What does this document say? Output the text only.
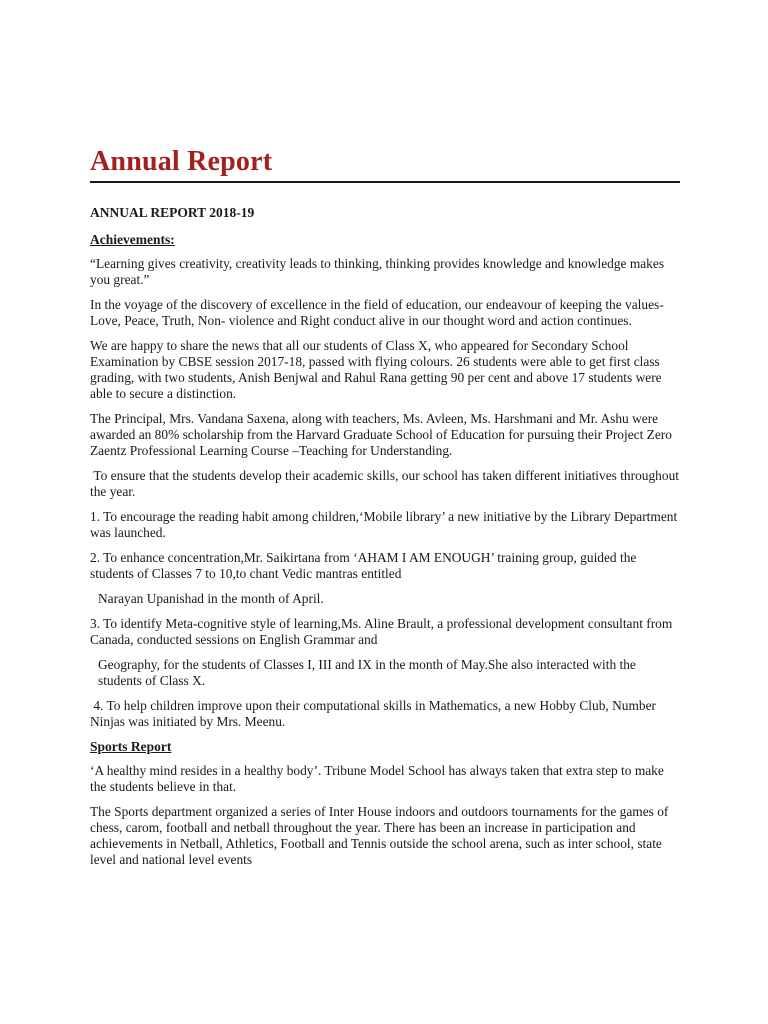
Annual Report
ANNUAL REPORT 2018-19
Achievements:

“Learning gives creativity, creativity leads to thinking, thinking provides knowledge and knowledge makes you great.”

In the voyage of the discovery of excellence in the field of education, our endeavour of keeping the values- Love, Peace, Truth, Non- violence and Right conduct alive in our thought word and action continues.

We are happy to share the news that all our students of Class X, who appeared for Secondary School Examination by CBSE session 2017-18, passed with flying colours. 26 students were able to get first class grading, with two students, Anish Benjwal and Rahul Rana getting 90 per cent and above 17 students were able to secure a distinction.

The Principal, Mrs. Vandana Saxena, along with teachers, Ms. Avleen, Ms. Harshmani and Mr. Ashu were awarded an 80% scholarship from the Harvard Graduate School of Education for pursuing their Project Zero Zaentz Professional Learning Course –Teaching for Understanding.

To ensure that the students develop their academic skills, our school has taken different initiatives throughout the year.

1. To encourage the reading habit among children,‘Mobile library’ a new initiative by the Library Department was launched.

2. To enhance concentration,Mr. Saikirtana from ‘AHAM I AM ENOUGH’ training group, guided the students of Classes 7 to 10,to chant Vedic mantras entitled

Narayan Upanishad in the month of April.

3. To identify Meta-cognitive style of learning,Ms. Aline Brault, a professional development consultant from Canada, conducted sessions on English Grammar and

Geography, for the students of Classes I, III and IX in the month of May.She also interacted with the students of Class X.

4. To help children improve upon their computational skills in Mathematics, a new Hobby Club, Number Ninjas was initiated by Mrs. Meenu.

Sports Report

‘A healthy mind resides in a healthy body’. Tribune Model School has always taken that extra step to make the students believe in that.

The Sports department organized a series of Inter House indoors and outdoors tournaments for the games of chess, carom, football and netball throughout the year. There has been an increase in participation and achievements in Netball, Athletics, Football and Tennis outside the school arena, such as inter school, state level and national level events
